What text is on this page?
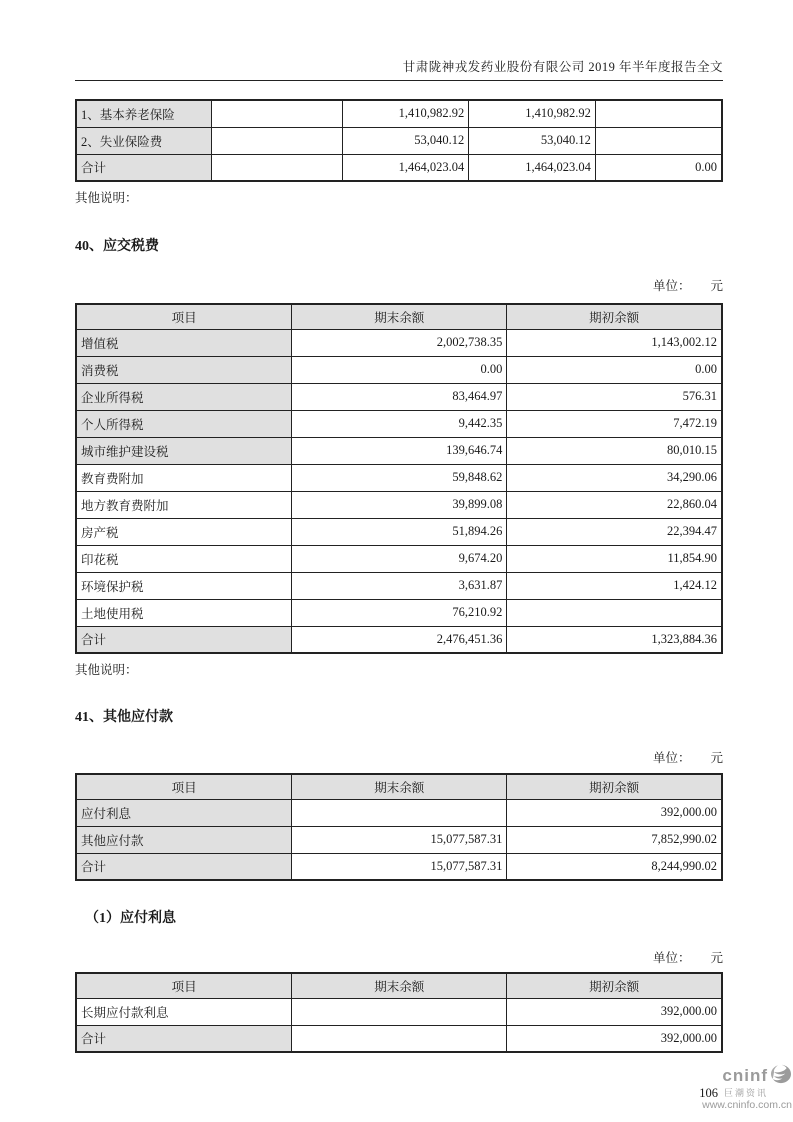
甘肃陇神戎发药业股份有限公司 2019 年半年度报告全文
1、基本养老保险		1,410,982.92	1,410,982.92	
2、失业保险费		53,040.12	53,040.12	
合计		1,464,023.04	1,464,023.04	0.00
其他说明：
40、应交税费
单位： 元
项目	期末余额	期初余额
增值税	2,002,738.35	1,143,002.12
消费税	0.00	0.00
企业所得税	83,464.97	576.31
个人所得税	9,442.35	7,472.19
城市维护建设税	139,646.74	80,010.15
教育费附加	59,848.62	34,290.06
地方教育费附加	39,899.08	22,860.04
房产税	51,894.26	22,394.47
印花税	9,674.20	11,854.90
环境保护税	3,631.87	1,424.12
土地使用税	76,210.92	
合计	2,476,451.36	1,323,884.36
其他说明：
41、其他应付款
单位： 元
项目	期末余额	期初余额
应付利息		392,000.00
其他应付款	15,077,587.31	7,852,990.02
合计	15,077,587.31	8,244,990.02
（1）应付利息
单位： 元
项目	期末余额	期初余额
长期应付款利息		392,000.00
合计		392,000.00
106
cninf
巨潮资讯
www.cninfo.com.cn
